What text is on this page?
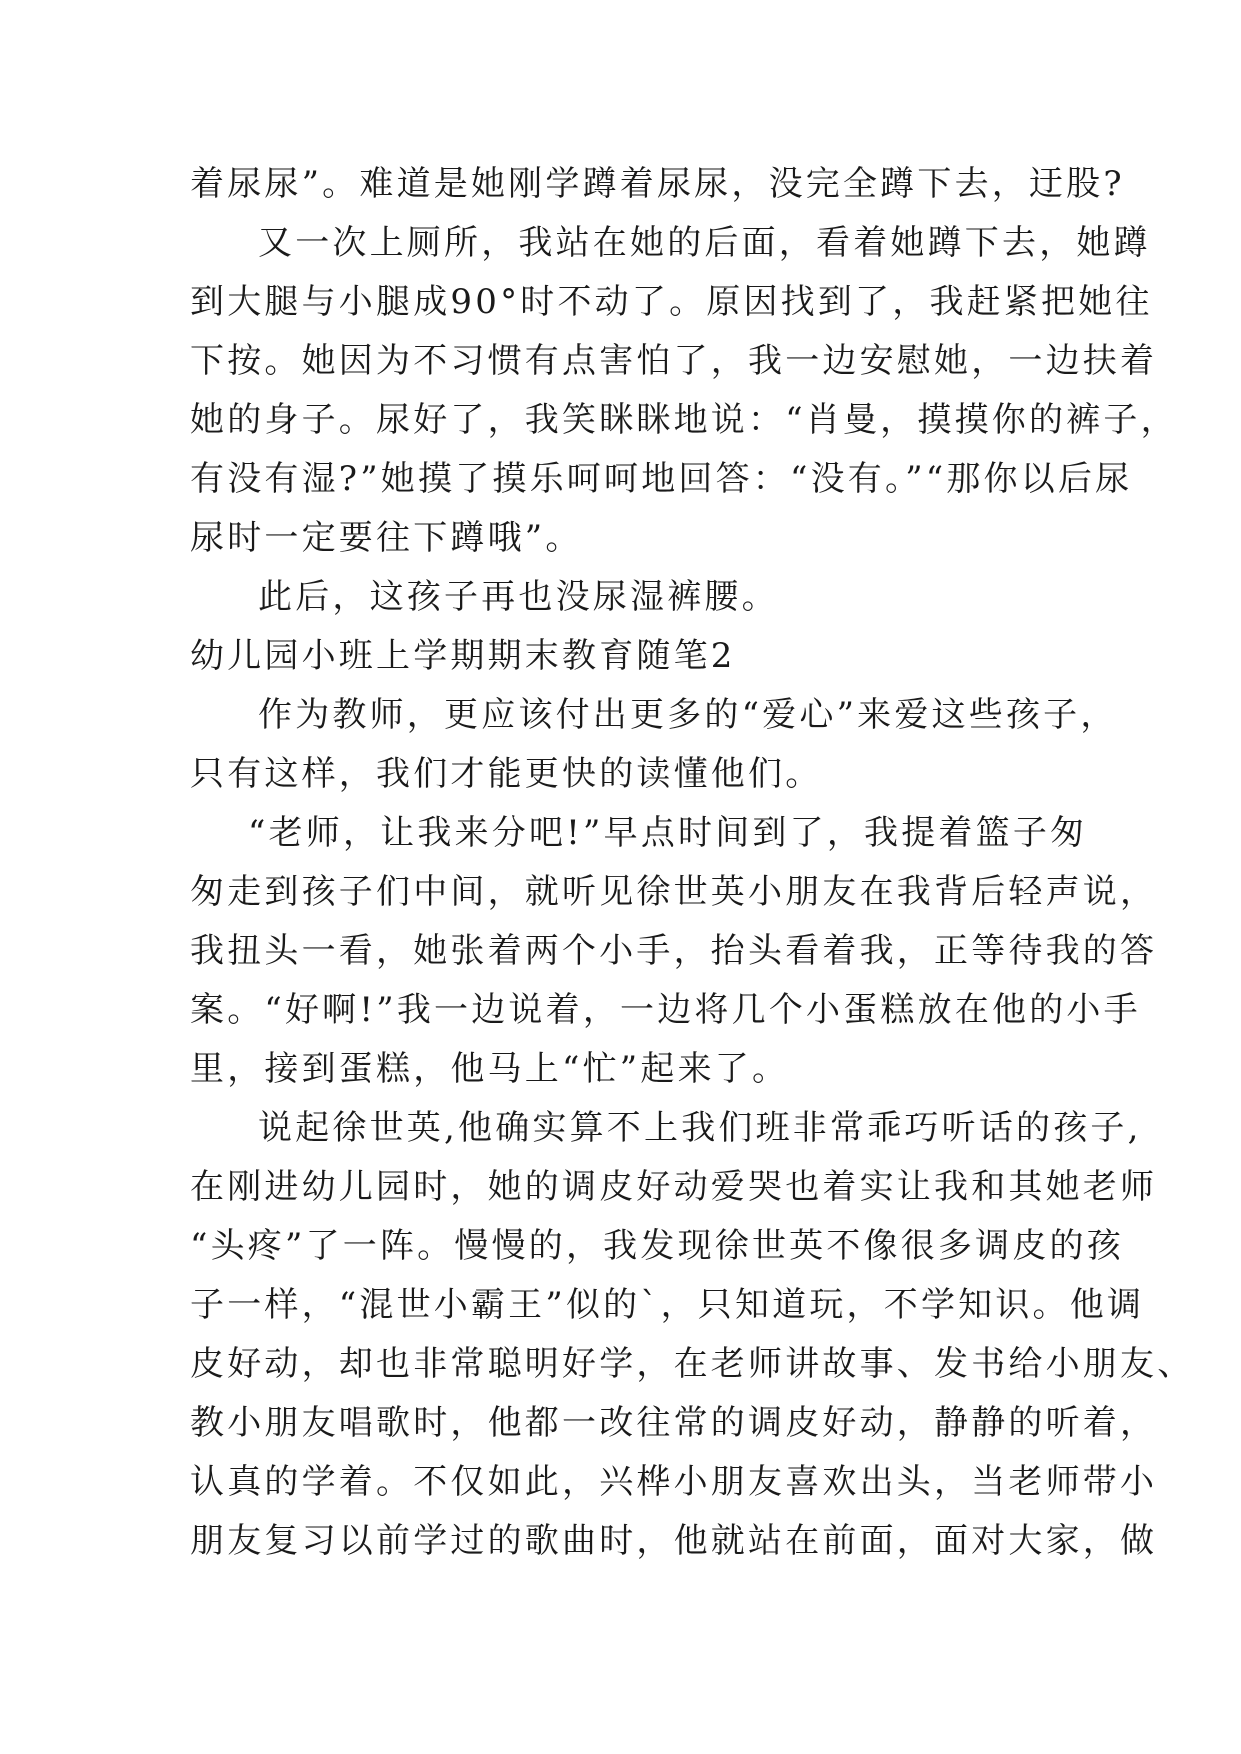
着尿尿”。难道是她刚学蹲着尿尿，没完全蹲下去，迂股?
又一次上厕所，我站在她的后面，看着她蹲下去，她蹲
到大腿与小腿成90°时不动了。原因找到了，我赶紧把她往
下按。她因为不习惯有点害怕了，我一边安慰她，一边扶着
她的身子。尿好了，我笑眯眯地说：“肖曼，摸摸你的裤子，
有没有湿?”她摸了摸乐呵呵地回答：“没有。”“那你以后尿
尿时一定要往下蹲哦”。
此后，这孩子再也没尿湿裤腰。
幼儿园小班上学期期末教育随笔2
作为教师，更应该付出更多的“爱心”来爱这些孩子，
只有这样，我们才能更快的读懂他们。
“老师，让我来分吧!”早点时间到了，我提着篮子匆
匆走到孩子们中间，就听见徐世英小朋友在我背后轻声说，
我扭头一看，她张着两个小手，抬头看着我，正等待我的答
案。“好啊!”我一边说着，一边将几个小蛋糕放在他的小手
里，接到蛋糕，他马上“忙”起来了。
说起徐世英,他确实算不上我们班非常乖巧听话的孩子,
在刚进幼儿园时，她的调皮好动爱哭也着实让我和其她老师
“头疼”了一阵。慢慢的，我发现徐世英不像很多调皮的孩
子一样，“混世小霸王”似的`，只知道玩，不学知识。他调
皮好动，却也非常聪明好学，在老师讲故事、发书给小朋友、
教小朋友唱歌时，他都一改往常的调皮好动，静静的听着，
认真的学着。不仅如此，兴桦小朋友喜欢出头，当老师带小
朋友复习以前学过的歌曲时，他就站在前面，面对大家，做
